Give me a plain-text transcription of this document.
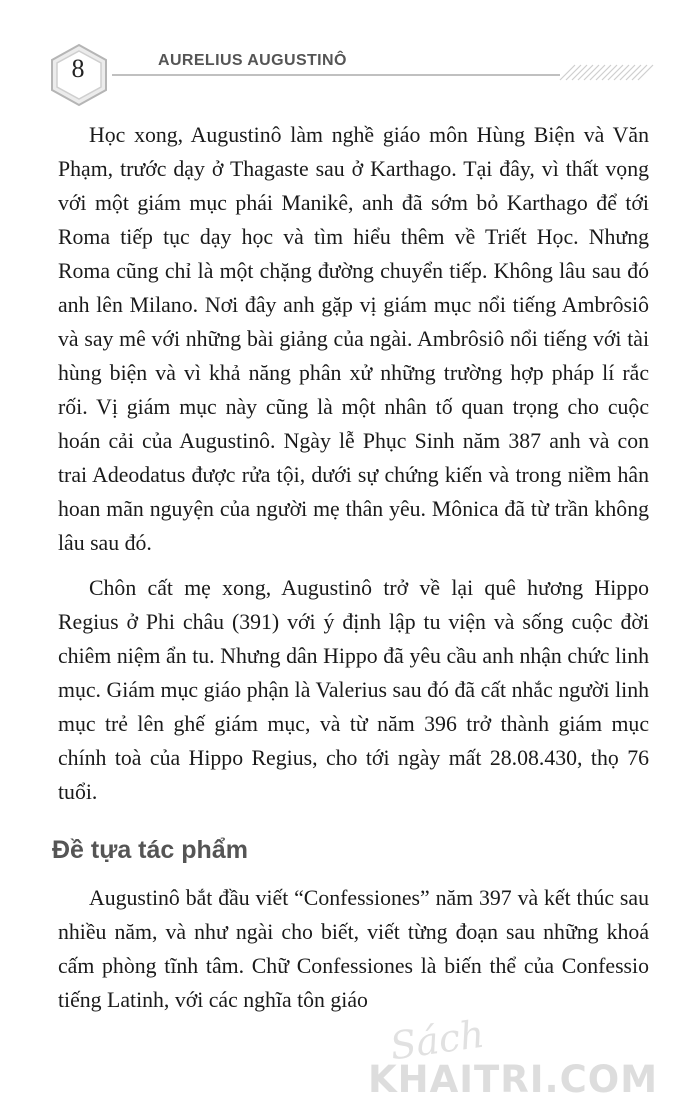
8	AURELIUS AUGUSTINÔ

Học xong, Augustinô làm nghề giáo môn Hùng Biện và Văn Phạm, trước dạy ở Thagaste sau ở Karthago. Tại đây, vì thất vọng với một giám mục phái Manikê, anh đã sớm bỏ Karthago để tới Roma tiếp tục dạy học và tìm hiểu thêm về Triết Học. Nhưng Roma cũng chỉ là một chặng đường chuyển tiếp. Không lâu sau đó anh lên Milano. Nơi đây anh gặp vị giám mục nổi tiếng Ambrôsiô và say mê với những bài giảng của ngài. Ambrôsiô nổi tiếng với tài hùng biện và vì khả năng phân xử những trường hợp pháp lí rắc rối. Vị giám mục này cũng là một nhân tố quan trọng cho cuộc hoán cải của Augustinô. Ngày lễ Phục Sinh năm 387 anh và con trai Adeodatus được rửa tội, dưới sự chứng kiến và trong niềm hân hoan mãn nguyện của người mẹ thân yêu. Mônica đã từ trần không lâu sau đó.

Chôn cất mẹ xong, Augustinô trở về lại quê hương Hippo Regius ở Phi châu (391) với ý định lập tu viện và sống cuộc đời chiêm niệm ẩn tu. Nhưng dân Hippo đã yêu cầu anh nhận chức linh mục. Giám mục giáo phận là Valerius sau đó đã cất nhắc người linh mục trẻ lên ghế giám mục, và từ năm 396 trở thành giám mục chính toà của Hippo Regius, cho tới ngày mất 28.08.430, thọ 76 tuổi.

Đề tựa tác phẩm

Augustinô bắt đầu viết “Confessiones” năm 397 và kết thúc sau nhiều năm, và như ngài cho biết, viết từng đoạn sau những khoá cấm phòng tĩnh tâm. Chữ Confessiones là biến thể của Confessio tiếng Latinh, với các nghĩa tôn giáo

Sách
KHAITRI.COM
